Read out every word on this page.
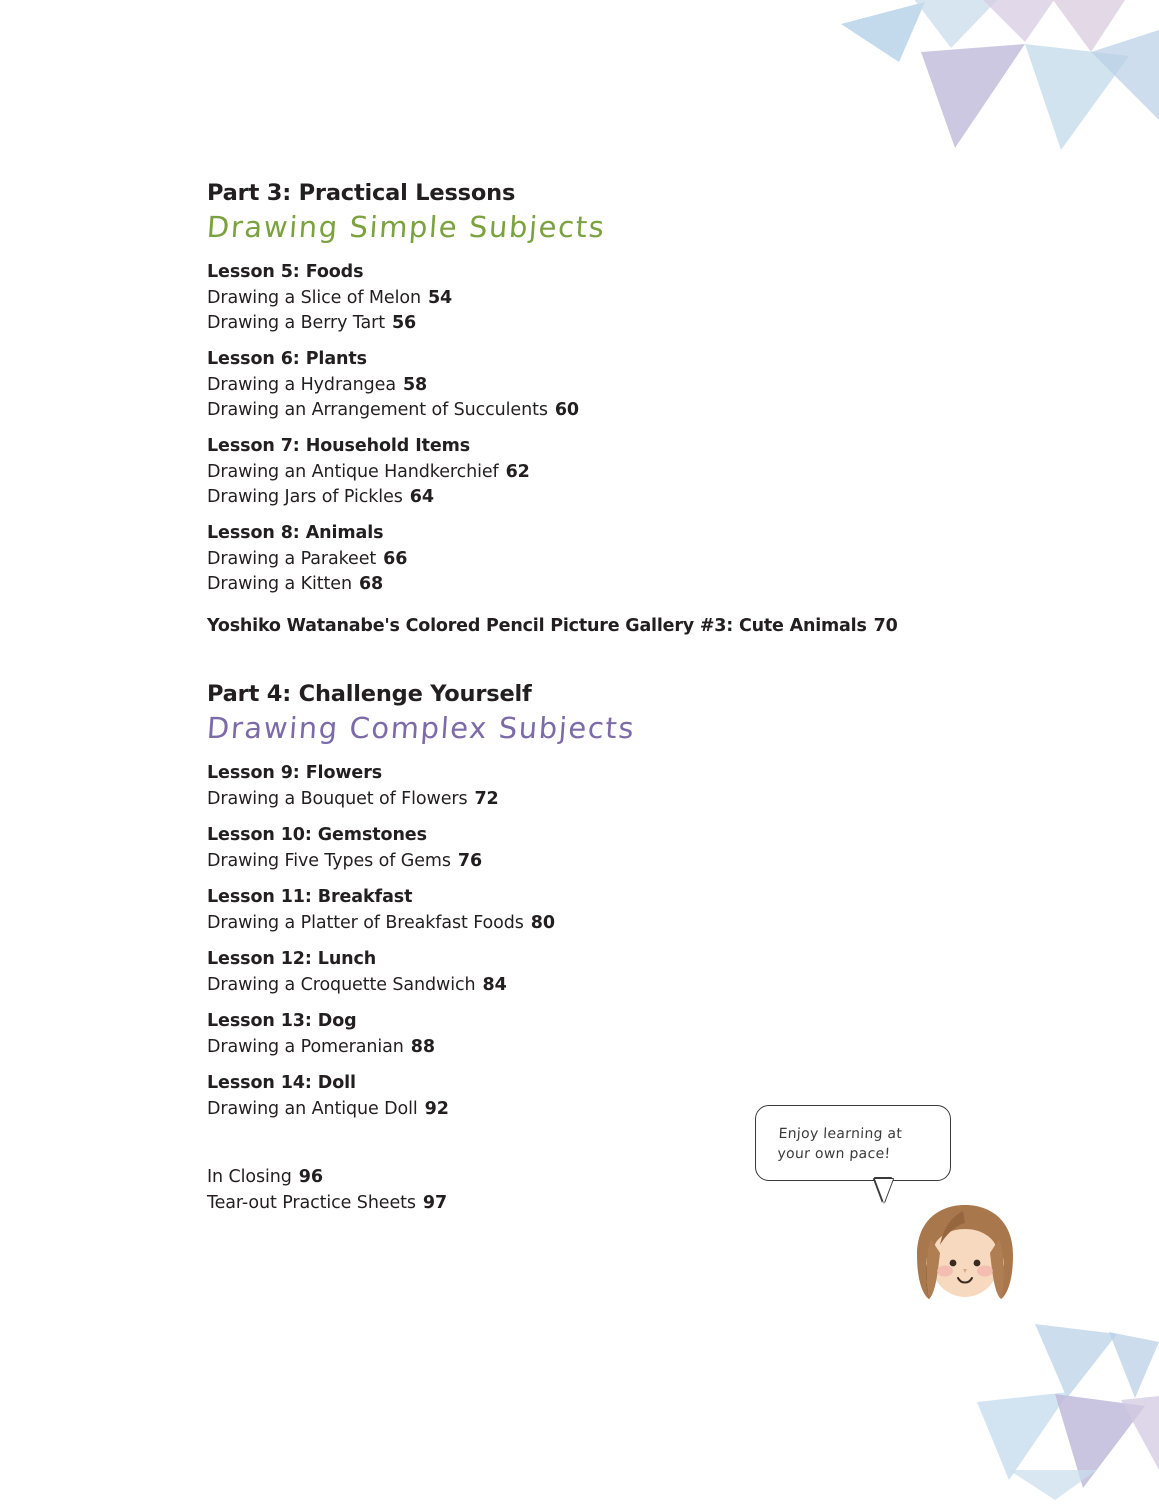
Part 3: Practical Lessons
Drawing Simple Subjects

Lesson 5: Foods

Drawing a Slice of Melon 54

Drawing a Berry Tart 56

Lesson 6: Plants

Drawing a Hydrangea 58

Drawing an Arrangement of Succulents 60

Lesson 7: Household Items

Drawing an Antique Handkerchief 62

Drawing Jars of Pickles 64

Lesson 8: Animals

Drawing a Parakeet 66

Drawing a Kitten 68

Yoshiko Watanabe's Colored Pencil Picture Gallery #3: Cute Animals 70

Part 4: Challenge Yourself
Drawing Complex Subjects

Lesson 9: Flowers

Drawing a Bouquet of Flowers 72

Lesson 10: Gemstones

Drawing Five Types of Gems 76

Lesson 11: Breakfast

Drawing a Platter of Breakfast Foods 80

Lesson 12: Lunch

Drawing a Croquette Sandwich 84

Lesson 13: Dog

Drawing a Pomeranian 88

Lesson 14: Doll

Drawing an Antique Doll 92

In Closing 96

Tear-out Practice Sheets 97

Enjoy learning at your own pace!
